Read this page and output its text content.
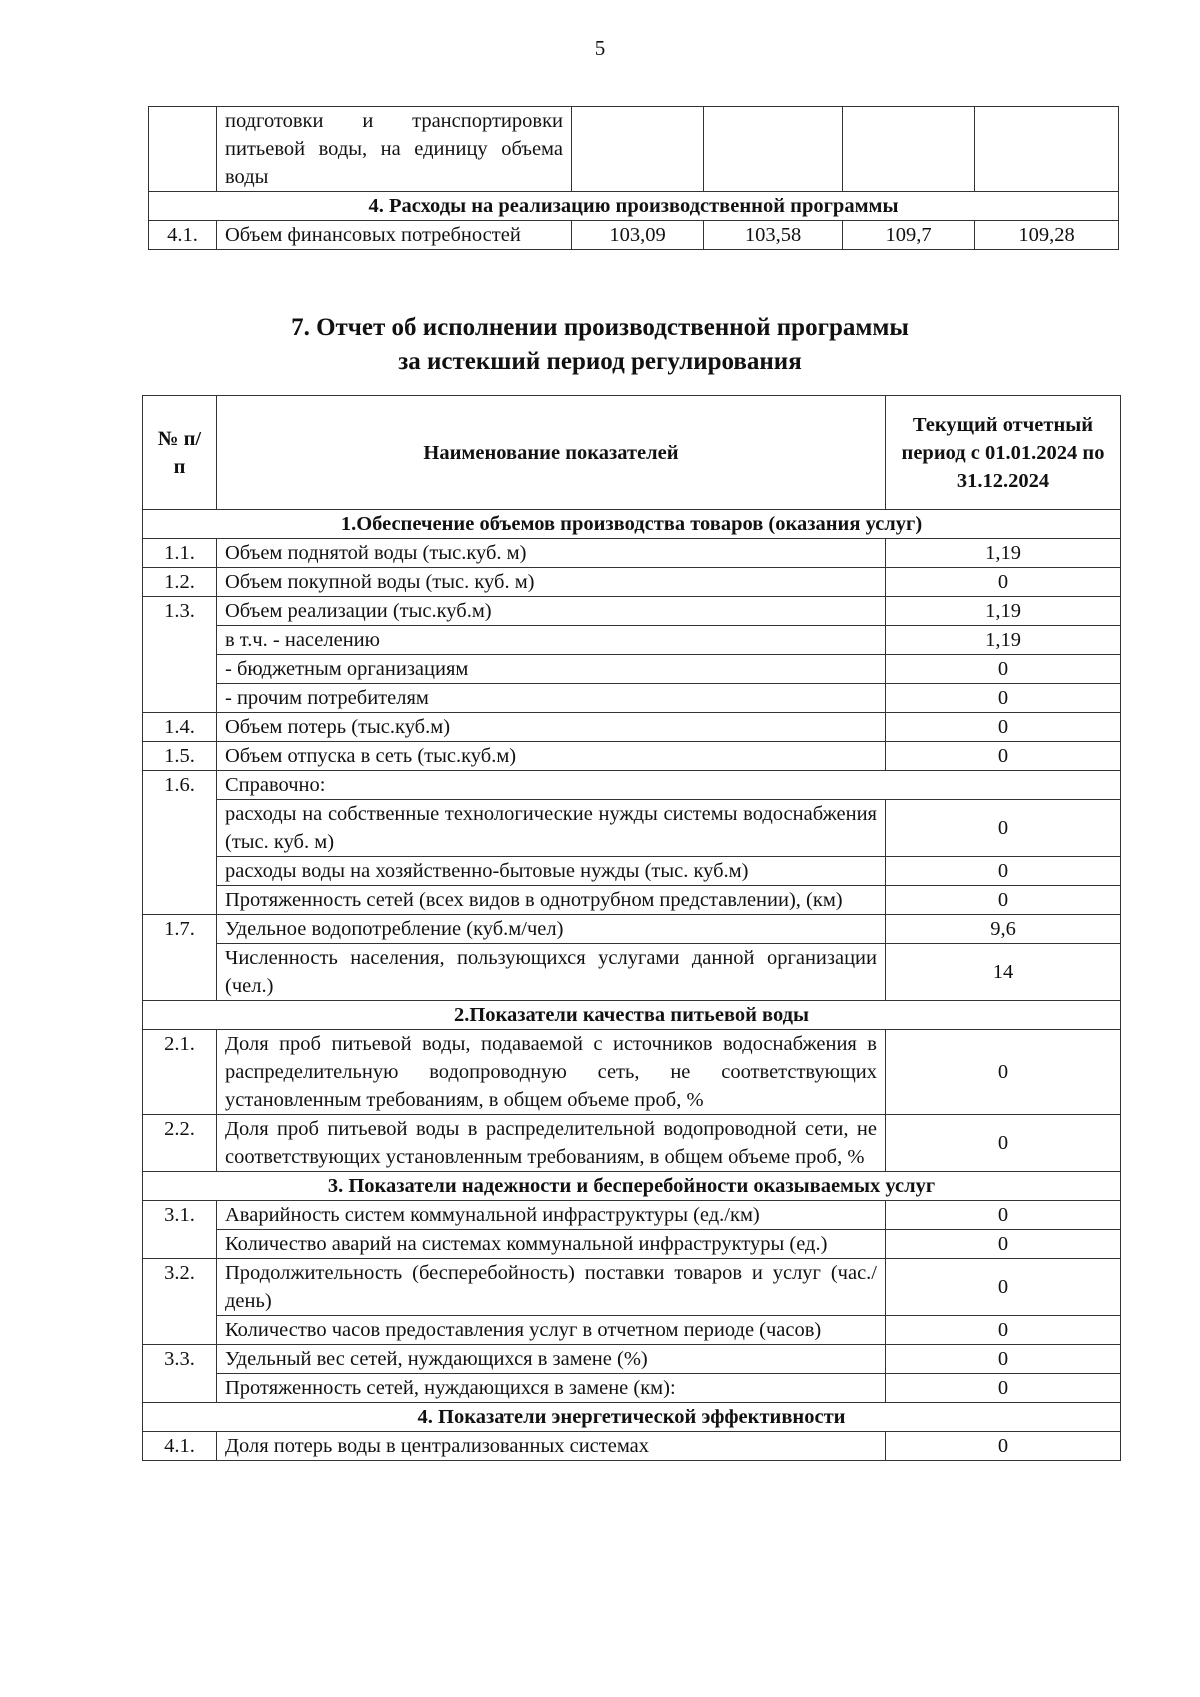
5
	подготовки и транспортировки питьевой воды, на единицу объема воды				
4. Расходы на реализацию производственной программы					
4.1.	Объем финансовых потребностей	103,09	103,58	109,7	109,28
7. Отчет об исполнении производственной программы
за истекший период регулирования
№ п/п	Наименование показателей	Текущий отчетный период с 01.01.2024 по 31.12.2024
1.Обеспечение объемов производства товаров (оказания услуг)		
1.1.	Объем поднятой воды (тыс.куб. м)	1,19
1.2.	Объем покупной воды (тыс. куб. м)	0
1.3.	Объем реализации (тыс.куб.м)	1,19
	в т.ч. - населению	1,19
	- бюджетным организациям	0
	- прочим потребителям	0
1.4.	Объем потерь (тыс.куб.м)	0
1.5.	Объем отпуска в сеть (тыс.куб.м)	0
1.6.	Справочно:	
	расходы на собственные технологические нужды системы водоснабжения (тыс. куб. м)	0
	расходы воды на хозяйственно-бытовые нужды (тыс. куб.м)	0
	Протяженность сетей (всех видов в однотрубном представлении), (км)	0
1.7.	Удельное водопотребление (куб.м/чел)	9,6
	Численность населения, пользующихся услугами данной организации (чел.)	14
2.Показатели качества питьевой воды		
2.1.	Доля проб питьевой воды, подаваемой с источников водоснабжения в распределительную водопроводную сеть, не соответствующих установленным требованиям, в общем объеме проб, %	0
2.2.	Доля проб питьевой воды в распределительной водопроводной сети, не соответствующих установленным требованиям, в общем объеме проб, %	0
3. Показатели надежности и бесперебойности оказываемых услуг		
3.1.	Аварийность систем коммунальной инфраструктуры (ед./км)	0
	Количество аварий на системах коммунальной инфраструктуры (ед.)	0
3.2.	Продолжительность (бесперебойность) поставки товаров и услуг (час./день)	0
	Количество часов предоставления услуг в отчетном периоде (часов)	0
3.3.	Удельный вес сетей, нуждающихся в замене (%)	0
	Протяженность сетей, нуждающихся в замене (км):	0
4. Показатели энергетической эффективности		
4.1.	Доля потерь воды в централизованных системах	0
